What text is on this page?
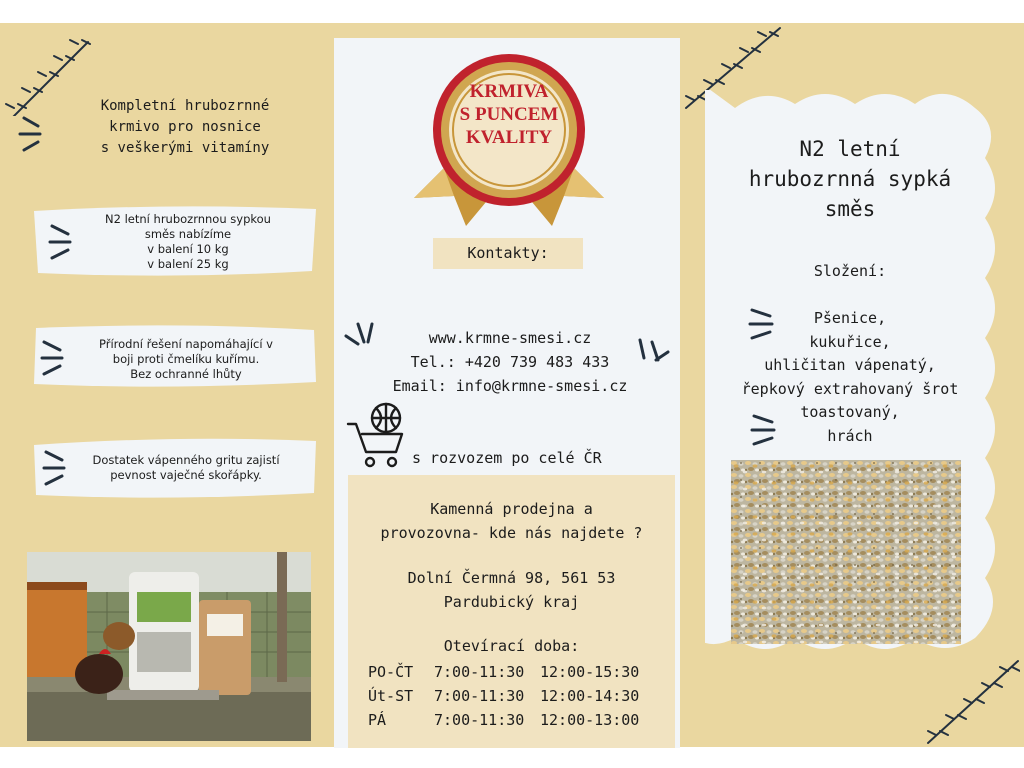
Kompletní hrubozrnné
krmivo pro nosnice
s veškerými vitamíny
N2 letní hrubozrnnou sypkou
směs nabízíme
v balení 10 kg
v balení 25 kg
Přírodní řešení napomáhající v
boji proti čmelíku kuřímu.
Bez ochranné lhůty
Dostatek vápenného gritu zajistí
pevnost vaječné skořápky.
KRMIVA
S PUNCEM
KVALITY
Kontakty:
www.krmne-smesi.cz
Tel.: +420 739 483 433
Email: info@krmne-smesi.cz
s rozvozem po celé ČR
Kamenná prodejna a
provozovna- kde nás najdete ?
Dolní Čermná 98, 561 53
Pardubický kraj
Otevírací doba:
PO-ČT	7:00-11:30	12:00-15:30
Út-ST	7:00-11:30	12:00-14:30
PÁ	7:00-11:30	12:00-13:00
N2 letní
hrubozrnná sypká
směs
Složení:
Pšenice,
kukuřice,
uhličitan vápenatý,
řepkový extrahovaný šrot
toastovaný,
hrách
